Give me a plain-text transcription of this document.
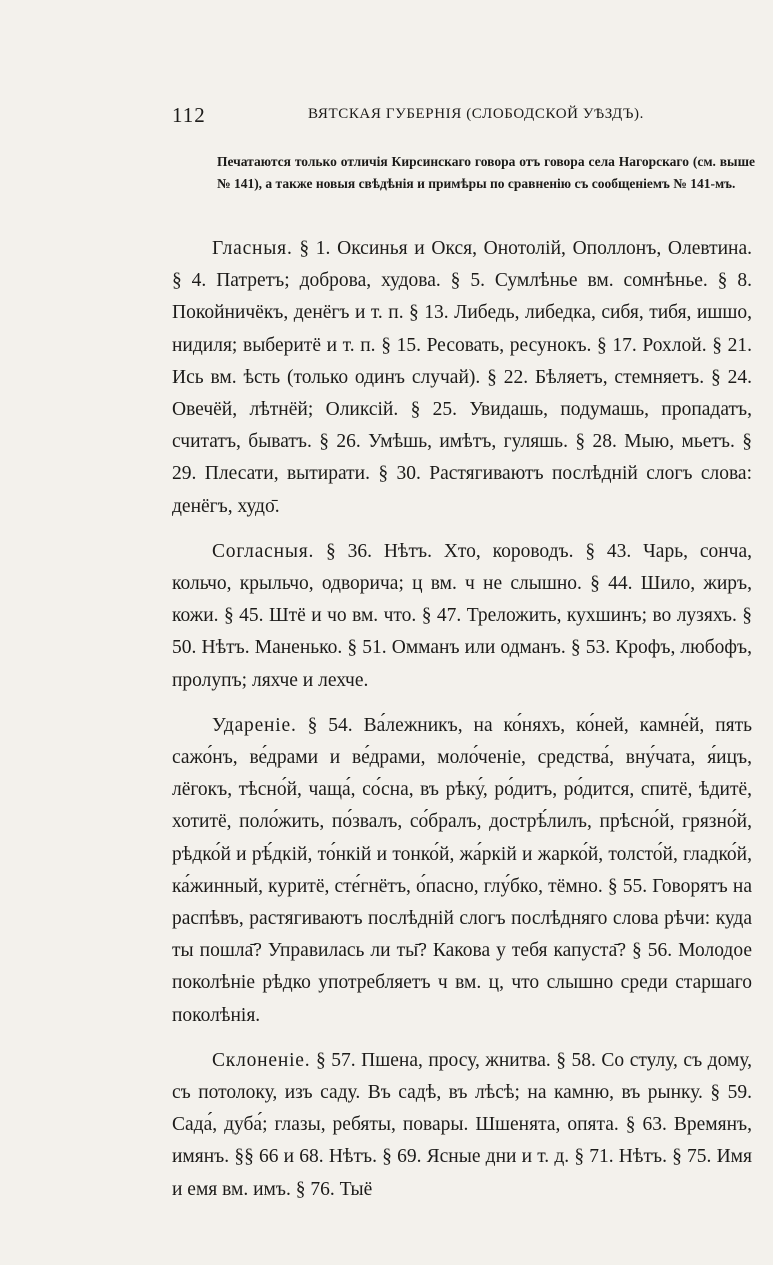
112	ВЯТСКАЯ ГУБЕРНІЯ (СЛОБОДСКОЙ УѢЗДЪ).
Печатаются только отличія Кирсинскаго говора отъ говора села Нагорскаго (см. выше № 141), а также новыя свѣдѣнія и примѣры по сравненію съ сообщеніемъ № 141-мъ.

Гласныя. § 1. Оксинья и Окся, Онотолій, Ополлонъ, Олевтина. § 4. Патретъ; доброва, худова. § 5. Сумлѣнье вм. сомнѣнье. § 8. Покойничёкъ, денёгъ и т. п. § 13. Либедь, либедка, сибя, тибя, ишшо, нидиля; выберитё и т. п. § 15. Ресовать, ресунокъ. § 17. Рохлой. § 21. Ись вм. ѣсть (только одинъ случай). § 22. Бѣляетъ, стемняетъ. § 24. Овечёй, лѣтнёй; Оликсій. § 25. Увидашь, подумашь, пропадатъ, считатъ, быватъ. § 26. Умѣшь, имѣтъ, гуляшь. § 28. Мыю, мьетъ. § 29. Плесати, вытирати. § 30. Растягиваютъ послѣдній слогъ слова: денёгъ, худо̄.

Согласныя. § 36. Нѣтъ. Хто, короводъ. § 43. Чарь, сонча, кольчо, крыльчо, одворича; ц вм. ч не слышно. § 44. Шило, жиръ, кожи. § 45. Штё и чо вм. что. § 47. Треложить, кухшинъ; во лузяхъ. § 50. Нѣтъ. Маненько. § 51. Омманъ или одманъ. § 53. Крофъ, любофъ, пролупъ; ляхче и лехче.

Удареніе. § 54. Ва́лежникъ, на ко́няхъ, ко́ней, камне́й, пять сажо́нъ, ве́драми и ве́драми, моло́ченіе, средства́, вну́чата, я́ицъ, лёгокъ, тѣсно́й, чаща́, со́сна, въ рѣку́, ро́дитъ, ро́дится, спитё, ѣдитё, хотитё, поло́жить, по́звалъ, со́бралъ, дострѣ́лилъ, прѣсно́й, грязно́й, рѣдко́й и рѣ́дкій, то́нкій и тонко́й, жа́ркій и жарко́й, толсто́й, гладко́й, ка́жинный, куритё, сте́гнётъ, о́пасно, глу́бко, тёмно. § 55. Говорятъ на распѣвъ, растягиваютъ послѣдній слогъ послѣдняго слова рѣчи: куда ты пошла̄? Управилась ли ты̄? Какова у тебя капуста̄? § 56. Молодое поколѣніе рѣдко употребляетъ ч вм. ц, что слышно среди старшаго поколѣнія.

Склоненіе. § 57. Пшена, просу, жнитва. § 58. Со стулу, съ дому, съ потолоку, изъ саду. Въ садѣ, въ лѣсѣ; на камню, въ рынку. § 59. Сада́, дуба́; глазы, ребяты, повары. Шшенята, опята. § 63. Времянъ, имянъ. §§ 66 и 68. Нѣтъ. § 69. Ясные дни и т. д. § 71. Нѣтъ. § 75. Имя и емя вм. имъ. § 76. Тыё
